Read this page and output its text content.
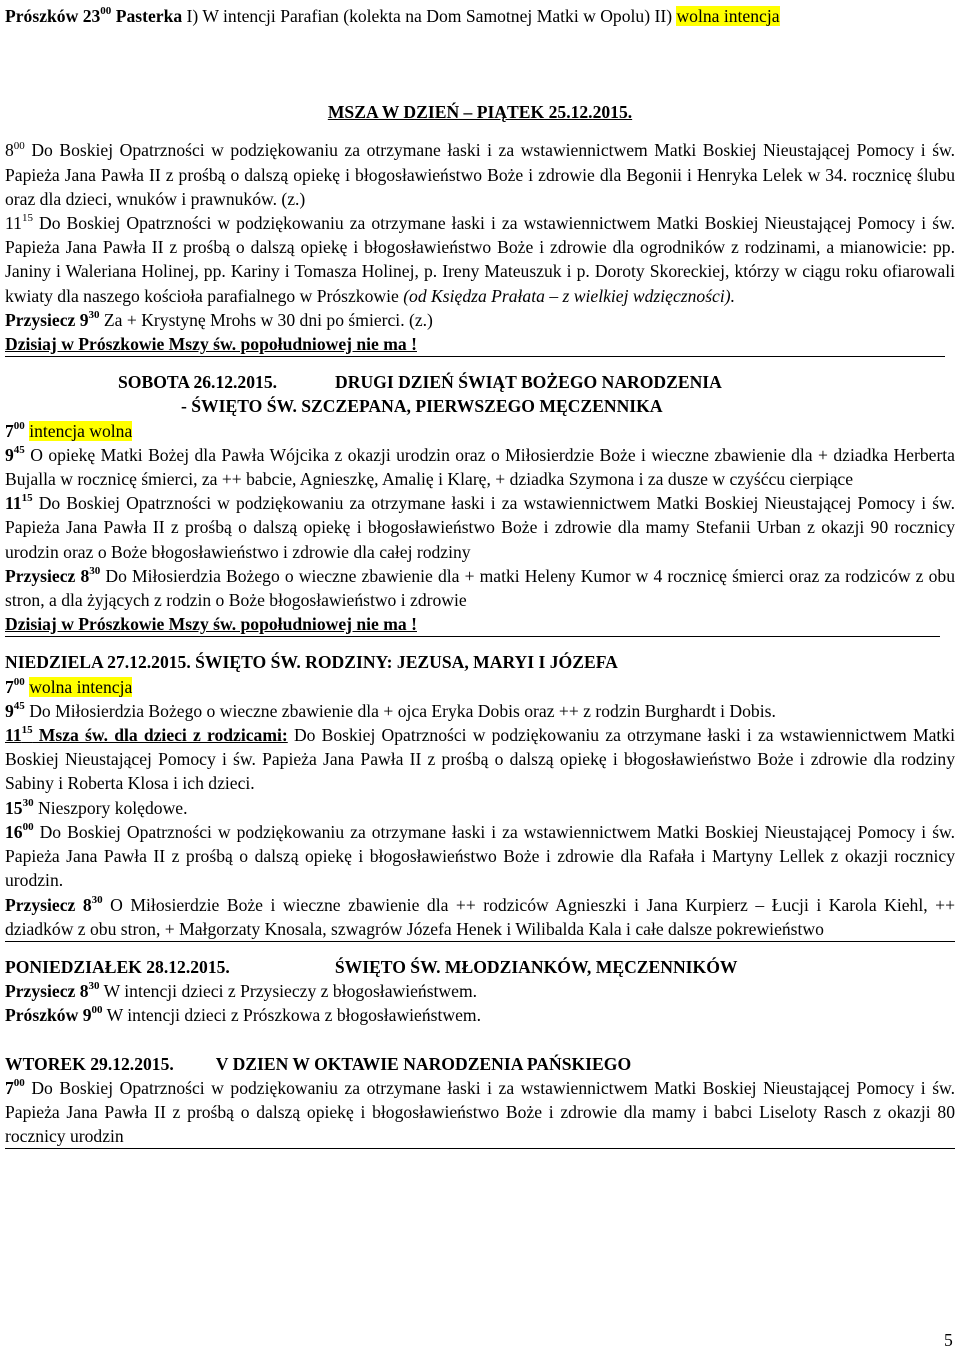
Prószków $23^{00}$ Pasterka I) W intencji Parafian (kolekta na Dom Samotnej Matki w Opolu) II) wolna intencja

MSZA W DZIEŃ – PIĄTEK 25.12.2015.

$8^{00}$ Do Boskiej Opatrzności w podziękowaniu za otrzymane łaski i za wstawiennictwem Matki Boskiej Nieustającej Pomocy i św. Papieża Jana Pawła II z prośbą o dalszą opiekę i błogosławieństwo Boże i zdrowie dla Begonii i Henryka Lelek w 34. rocznicę ślubu oraz dla dzieci, wnuków i prawnuków. (z.)

$11^{15}$ Do Boskiej Opatrzności w podziękowaniu za otrzymane łaski i za wstawiennictwem Matki Boskiej Nieustającej Pomocy i św. Papieża Jana Pawła II z prośbą o dalszą opiekę i błogosławieństwo Boże i zdrowie dla ogrodników z rodzinami, a mianowicie: pp. Janiny i Waleriana Holinej, pp. Kariny i Tomasza Holinej, p. Ireny Mateuszuk i p. Doroty Skoreckiej, którzy w ciągu roku ofiarowali kwiaty dla naszego kościoła parafialnego w Prószkowie (od Księdza Prałata – z wielkiej wdzięczności).

Przysiecz $9^{30}$ Za + Krystynę Mrohs w 30 dni po śmierci. (z.)

Dzisiaj w Prószkowie Mszy św. popołudniowej nie ma !

SOBOTA 26.12.2015.	DRUGI DZIEŃ ŚWIĄT BOŻEGO NARODZENIA

- ŚWIĘTO ŚW. SZCZEPANA, PIERWSZEGO MĘCZENNIKA

$7^{00}$ intencja wolna

$9^{45}$ O opiekę Matki Bożej dla Pawła Wójcika z okazji urodzin oraz o Miłosierdzie Boże i wieczne zbawienie dla + dziadka Herberta Bujalla w rocznicę śmierci, za ++ babcie, Agnieszkę, Amalię i Klarę, + dziadka Szymona i za dusze w czyśćcu cierpiące

$11^{15}$ Do Boskiej Opatrzności w podziękowaniu za otrzymane łaski i za wstawiennictwem Matki Boskiej Nieustającej Pomocy i św. Papieża Jana Pawła II z prośbą o dalszą opiekę i błogosławieństwo Boże i zdrowie dla mamy Stefanii Urban z okazji 90 rocznicy urodzin oraz o Boże błogosławieństwo i zdrowie dla całej rodziny

Przysiecz $8^{30}$ Do Miłosierdzia Bożego o wieczne zbawienie dla + matki Heleny Kumor w 4 rocznicę śmierci oraz za rodziców z obu stron, a dla żyjących z rodzin o Boże błogosławieństwo i zdrowie

Dzisiaj w Prószkowie Mszy św. popołudniowej nie ma !

NIEDZIELA 27.12.2015. ŚWIĘTO ŚW. RODZINY: JEZUSA, MARYI I JÓZEFA

$7^{00}$ wolna intencja

$9^{45}$ Do Miłosierdzia Bożego o wieczne zbawienie dla + ojca Eryka Dobis oraz ++ z rodzin Burghardt i Dobis.

$11^{15}$ Msza św. dla dzieci z rodzicami: Do Boskiej Opatrzności w podziękowaniu za otrzymane łaski i za wstawiennictwem Matki Boskiej Nieustającej Pomocy i św. Papieża Jana Pawła II z prośbą o dalszą opiekę i błogosławieństwo Boże i zdrowie dla rodziny Sabiny i Roberta Klosa i ich dzieci.

$15^{30}$ Nieszpory kolędowe.

$16^{00}$ Do Boskiej Opatrzności w podziękowaniu za otrzymane łaski i za wstawiennictwem Matki Boskiej Nieustającej Pomocy i św. Papieża Jana Pawła II z prośbą o dalszą opiekę i błogosławieństwo Boże i zdrowie dla Rafała i Martyny Lellek z okazji rocznicy urodzin.

Przysiecz $8^{30}$ O Miłosierdzie Boże i wieczne zbawienie dla ++ rodziców Agnieszki i Jana Kurpierz – Łucji i Karola Kiehl, ++ dziadków z obu stron, + Małgorzaty Knosala, szwagrów Józefa Henek i Wilibalda Kala i całe dalsze pokrewieństwo

PONIEDZIAŁEK 28.12.2015.	ŚWIĘTO ŚW. MŁODZIANKÓW, MĘCZENNIKÓW

Przysiecz $8^{30}$ W intencji dzieci z Przysieczy z błogosławieństwem.

Prószków $9^{00}$ W intencji dzieci z Prószkowa z błogosławieństwem.

WTOREK 29.12.2015. V DZIEN W OKTAWIE NARODZENIA PAŃSKIEGO

$7^{00}$ Do Boskiej Opatrzności w podziękowaniu za otrzymane łaski i za wstawiennictwem Matki Boskiej Nieustającej Pomocy i św. Papieża Jana Pawła II z prośbą o dalszą opiekę i błogosławieństwo Boże i zdrowie dla mamy i babci Liseloty Rasch z okazji 80 rocznicy urodzin

5
